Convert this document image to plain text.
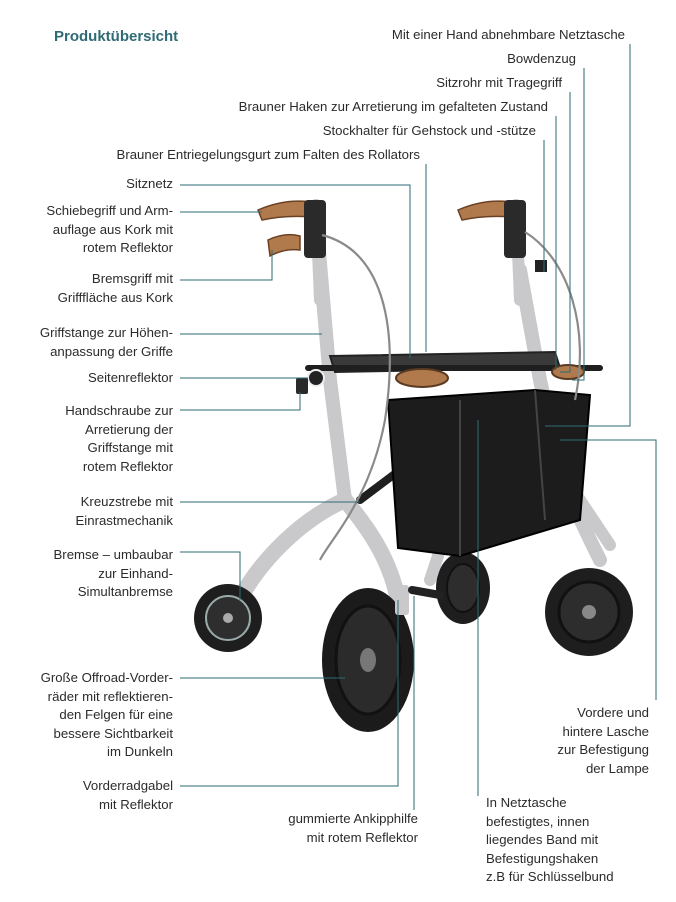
Produktübersicht	Mit einer Hand abnehmbare Netztasche
Bowdenzug
Sitzrohr mit Tragegriff
Brauner Haken zur Arretierung im gefalteten Zustand
Stockhalter für Gehstock und -stütze
Brauner Entriegelungsgurt zum Falten des Rollators
Sitznetz
Schiebegriff und Arm-
auflage aus Kork mit
rotem Reflektor
Bremsgriff mit
Grifffläche aus Kork
Griffstange zur Höhen-
anpassung der Griffe
Seitenreflektor
Handschraube zur
Arretierung der
Griffstange mit
rotem Reflektor
Kreuzstrebe mit
Einrastmechanik
Bremse – umbaubar
zur Einhand-
Simultanbremse
Große Offroad-Vorder-
räder mit reflektieren-
den Felgen für eine
bessere Sichtbarkeit
im Dunkeln
Vorderradgabel
mit Reflektor
gummierte Ankipphilfe
mit rotem Reflektor
In Netztasche
befestigtes, innen
liegendes Band mit
Befestigungshaken
z.B für Schlüsselbund
Vordere und
hintere Lasche
zur Befestigung
der Lampe
